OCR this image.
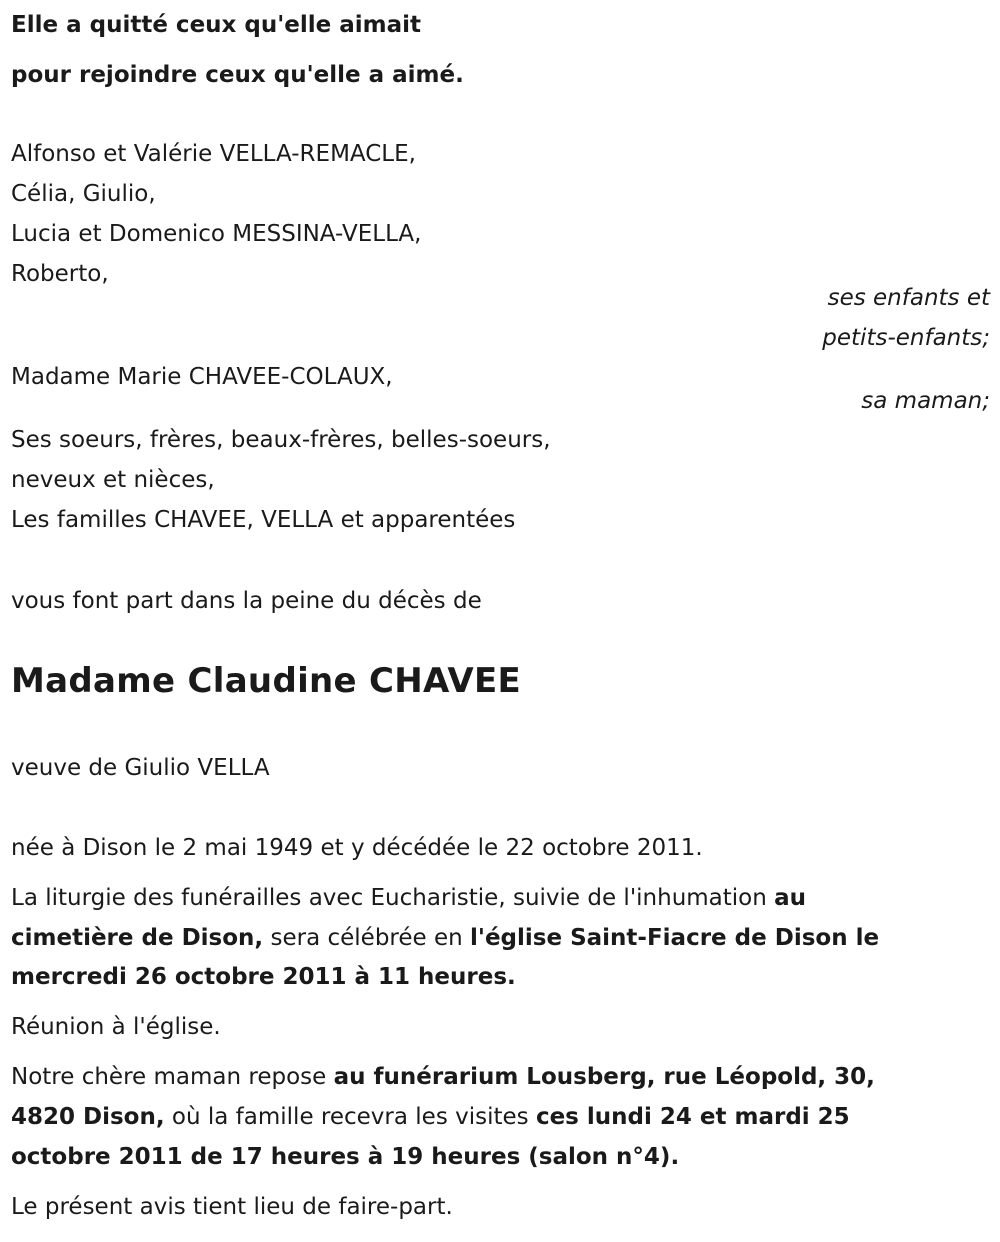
Elle a quitté ceux qu'elle aimait
pour rejoindre ceux qu'elle a aimé.
Alfonso et Valérie VELLA-REMACLE,
Célia, Giulio,
Lucia et Domenico MESSINA-VELLA,
Roberto,
ses enfants et
petits-enfants;
Madame Marie CHAVEE-COLAUX,
sa maman;
Ses soeurs, frères, beaux-frères, belles-soeurs,
neveux et nièces,
Les familles CHAVEE, VELLA et apparentées
vous font part dans la peine du décès de
Madame Claudine CHAVEE
veuve de Giulio VELLA
née à Dison le 2 mai 1949 et y décédée le 22 octobre 2011.
La liturgie des funérailles avec Eucharistie, suivie de l'inhumation au
cimetière de Dison, sera célébrée en l'église Saint-Fiacre de Dison le
mercredi 26 octobre 2011 à 11 heures.
Réunion à l'église.
Notre chère maman repose au funérarium Lousberg, rue Léopold, 30,
4820 Dison, où la famille recevra les visites ces lundi 24 et mardi 25
octobre 2011 de 17 heures à 19 heures (salon n°4).
Le présent avis tient lieu de faire-part.
